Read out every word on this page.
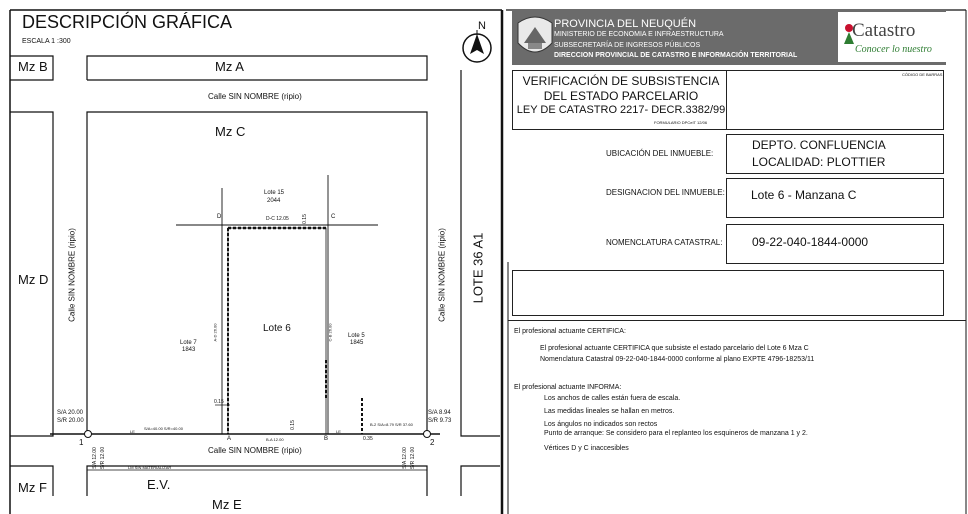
DESCRIPCIÓN GRÁFICA
ESCALA 1 :300
N
Mz B	Mz A
Calle SIN NOMBRE (ripio)
Mz C
Mz D
Mz F	E.V.
Mz E
Calle SIN NOMBRE (ripio)
Calle SIN NOMBRE (ripio)	Calle SIN NOMBRE (ripio) LOTE 36 A1
Lote 15
2044
Lote 6
Lote 7
1843
Lote 5
1845
D	C
A	B
1	2
D-C 12.05	0.15
0.15
0.15
B-A 12.00
A-D 26.00	C-B 26.00
S/A 20.00
S/R 20.00
S/A 8.94
S/R 9.73
S/A=40.00 S/R=40.00
B-2 S/A=8.79 S/R 37.60
0.35
LE	LE
LM SIN MATERIALIZAR
S/A 12.00 S/R 12.00	S/A 12.00 S/R 12.00
PROVINCIA DEL NEUQUÉN
MINISTERIO DE ECONOMIA E INFRAESTRUCTURA
SUBSECRETARÍA DE INGRESOS PÚBLICOS
DIRECCION PROVINCIAL DE CATASTRO E INFORMACIÓN TERRITORIAL
Catastro
Conocer lo nuestro
VERIFICACIÓN DE SUBSISTENCIA
DEL ESTADO PARCELARIO
LEY DE CATASTRO 2217- DECR.3382/99
FORMULARIO DPCeIT 12/06
CÓDIGO DE BARRAS
UBICACIÓN DEL INMUEBLE:
DEPTO. CONFLUENCIA
LOCALIDAD: PLOTTIER
DESIGNACION DEL INMUEBLE: Lote 6 - Manzana C
NOMENCLATURA CATASTRAL: 09-22-040-1844-0000
El profesional actuante CERTIFICA:
El profesional actuante CERTIFICA que subsiste el estado parcelario del Lote 6 Mza C
Nomenclatura Catastral 09-22-040-1844-0000 conforme al plano EXPTE 4796-18253/11
El profesional actuante INFORMA:
Los anchos de calles están fuera de escala.
Las medidas lineales se hallan en metros.
Los ángulos no indicados son rectos
Punto de arranque: Se considero para el replanteo los esquineros de manzana 1 y 2.
Vértices D y C inaccesibles
